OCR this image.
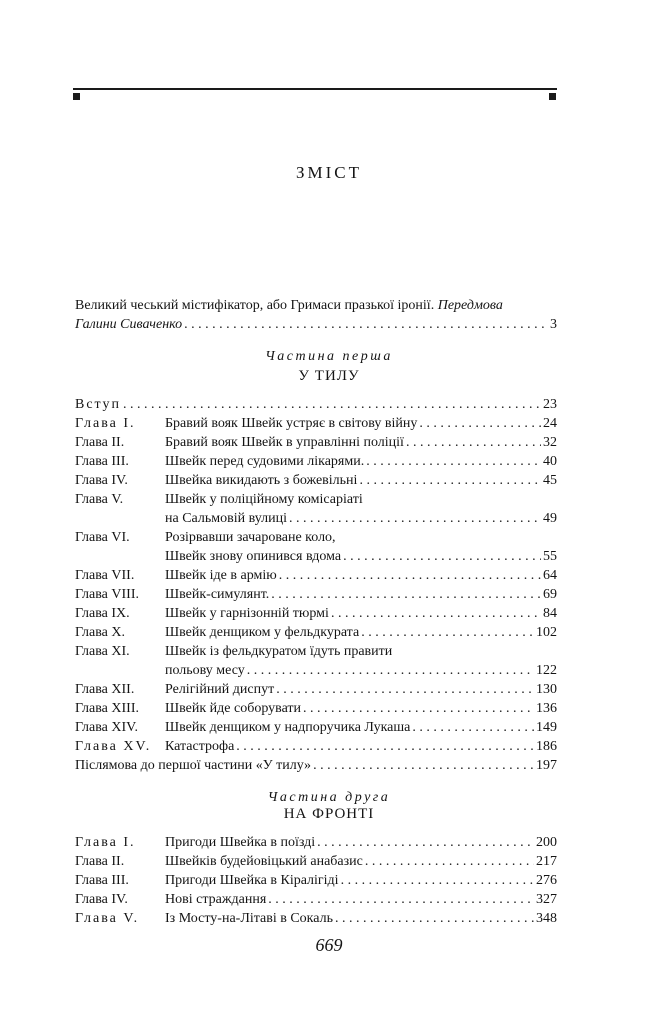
ЗМІСТ
Великий чеський містифікатор, або Гримаси празької іронії. Передмова
Галини Сиваченко . . .	3
Частина перша
У ТИЛУ
Вступ . . .	23
Глава I. Бравий вояк Швейк устряє в світову війну . . .	24
Глава II.	Бравий вояк Швейк в управлінні поліції . . .	32
Глава III.	Швейк перед судовими лікарями. . . .	40
Глава IV.	Швейка викидають з божевільні . . .	45
Глава V.	Швейк у поліційному комісаріаті
на Сальмовій вулиці . . .	49
Глава VI.	Розірвавши зачароване коло,
Швейк знову опинився вдома . . .	55
Глава VII. Швейк іде в армію . . .	64
Глава VIII. Швейк-симулянт. . . .	69
Глава IX.	Швейк у гарнізонній тюрмі . . .	84
Глава X.	Швейк денщиком у фельдкурата . . .	102
Глава XI.	Швейк із фельдкуратом їдуть правити
польову месу . . .	122
Глава XII. Релігійний диспут . . .	130
Глава XIII. Швейк йде соборувати . . .	136
Глава XIV. Швейк денщиком у надпоручика Лукаша . . .	149
Глава XV. Катастрофа . . .	186
Післямова до першої частини «У тилу» . . .	197
Частина друга
НА ФРОНТІ
Глава I. Пригоди Швейка в поїзді . . .	200
Глава II.	Швейків будейовіцький анабазис . . .	217
Глава III.	Пригоди Швейка в Кіралігіді . . .	276
Глава IV.	Нові страждання . . .	327
Глава V. Із Мосту-на-Літаві в Сокаль . . .	348
669
